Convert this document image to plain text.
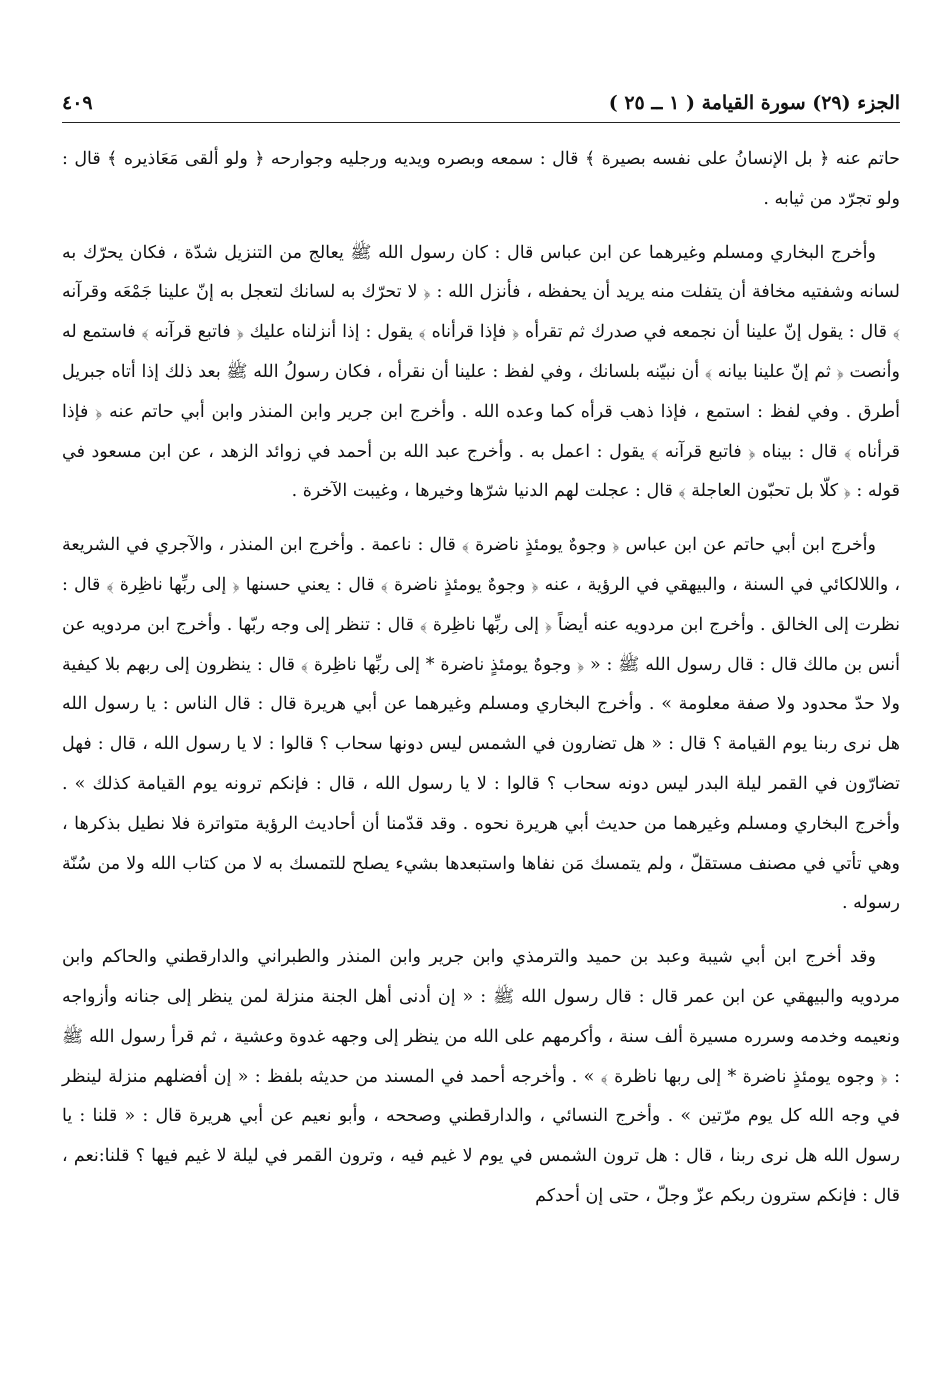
الجزء (٢٩) سورة القيامة ( ١ ــ ٢٥ )
٤٠٩

حاتم عنه ﴿ بل الإنسانُ على نفسه بصيرة ﴾ قال : سمعه وبصره ويديه ورجليه وجوارحه ﴿ ولو ألقى مَعَاذيره ﴾ قال : ولو تجرّد من ثيابه .

وأخرج البخاري ومسلم وغيرهما عن ابن عباس قال : كان رسول الله ﷺ يعالج من التنزيل شدّة ، فكان يحرّك به لسانه وشفتيه مخافة أن يتفلت منه يريد أن يحفظه ، فأنزل الله : ﴿ لا تحرّك به لسانك لتعجل به إنّ علينا جَمْعَه وقرآنه ﴾ قال : يقول إنّ علينا أن نجمعه في صدرك ثم تقرأه ﴿ فإذا قرأناه ﴾ يقول : إذا أنزلناه عليك ﴿ فاتبع قرآنه ﴾ فاستمع له وأنصت ﴿ ثم إنّ علينا بيانه ﴾ أن نبيّنه بلسانك ، وفي لفظ : علينا أن نقرأه ، فكان رسولُ الله ﷺ بعد ذلك إذا أتاه جبريل أطرق . وفي لفظ : استمع ، فإذا ذهب قرأه كما وعده الله . وأخرج ابن جرير وابن المنذر وابن أبي حاتم عنه ﴿ فإذا قرأناه ﴾ قال : بيناه ﴿ فاتبع قرآنه ﴾ يقول : اعمل به . وأخرج عبد الله بن أحمد في زوائد الزهد ، عن ابن مسعود في قوله : ﴿ كلّا بل تحبّون العاجلة ﴾ قال : عجلت لهم الدنيا شرّها وخيرها ، وغيبت الآخرة .

وأخرج ابن أبي حاتم عن ابن عباس ﴿ وجوهٌ يومئذٍ ناضرة ﴾ قال : ناعمة . وأخرج ابن المنذر ، والآجري في الشريعة ، واللالكائي في السنة ، والبيهقي في الرؤية ، عنه ﴿ وجوهٌ يومئذٍ ناضرة ﴾ قال : يعني حسنها ﴿ إلى ربِّها ناظِرة ﴾ قال : نظرت إلى الخالق . وأخرج ابن مردويه عنه أيضاً ﴿ إلى ربِّها ناظِرة ﴾ قال : تنظر إلى وجه ربّها . وأخرج ابن مردويه عن أنس بن مالك قال : قال رسول الله ﷺ : « ﴿ وجوهٌ يومئذٍ ناضرة * إلى ربِّها ناظِرة ﴾ قال : ينظرون إلى ربهم بلا كيفية ولا حدّ محدود ولا صفة معلومة » . وأخرج البخاري ومسلم وغيرهما عن أبي هريرة قال : قال الناس : يا رسول الله هل نرى ربنا يوم القيامة ؟ قال : « هل تضارون في الشمس ليس دونها سحاب ؟ قالوا : لا يا رسول الله ، قال : فهل تضارّون في القمر ليلة البدر ليس دونه سحاب ؟ قالوا : لا يا رسول الله ، قال : فإنكم ترونه يوم القيامة كذلك » . وأخرج البخاري ومسلم وغيرهما من حديث أبي هريرة نحوه . وقد قدّمنا أن أحاديث الرؤية متواترة فلا نطيل بذكرها ، وهي تأتي في مصنف مستقلّ ، ولم يتمسك مَن نفاها واستبعدها بشيء يصلح للتمسك به لا من كتاب الله ولا من سُنّة رسوله .

وقد أخرج ابن أبي شيبة وعبد بن حميد والترمذي وابن جرير وابن المنذر والطبراني والدارقطني والحاكم وابن مردويه والبيهقي عن ابن عمر قال : قال رسول الله ﷺ : « إن أدنى أهل الجنة منزلة لمن ينظر إلى جنانه وأزواجه ونعيمه وخدمه وسرره مسيرة ألف سنة ، وأكرمهم على الله من ينظر إلى وجهه غدوة وعشية ، ثم قرأ رسول الله ﷺ : ﴿ وجوه يومئذٍ ناضرة * إلى ربها ناظرة ﴾ » . وأخرجه أحمد في المسند من حديثه بلفظ : « إن أفضلهم منزلة لينظر في وجه الله كل يوم مرّتين » . وأخرج النسائي ، والدارقطني وصححه ، وأبو نعيم عن أبي هريرة قال : « قلنا : يا رسول الله هل نرى ربنا ، قال : هل ترون الشمس في يوم لا غيم فيه ، وترون القمر في ليلة لا غيم فيها ؟ قلنا:نعم ، قال : فإنكم سترون ربكم عزّ وجلّ ، حتى إن أحدكم
